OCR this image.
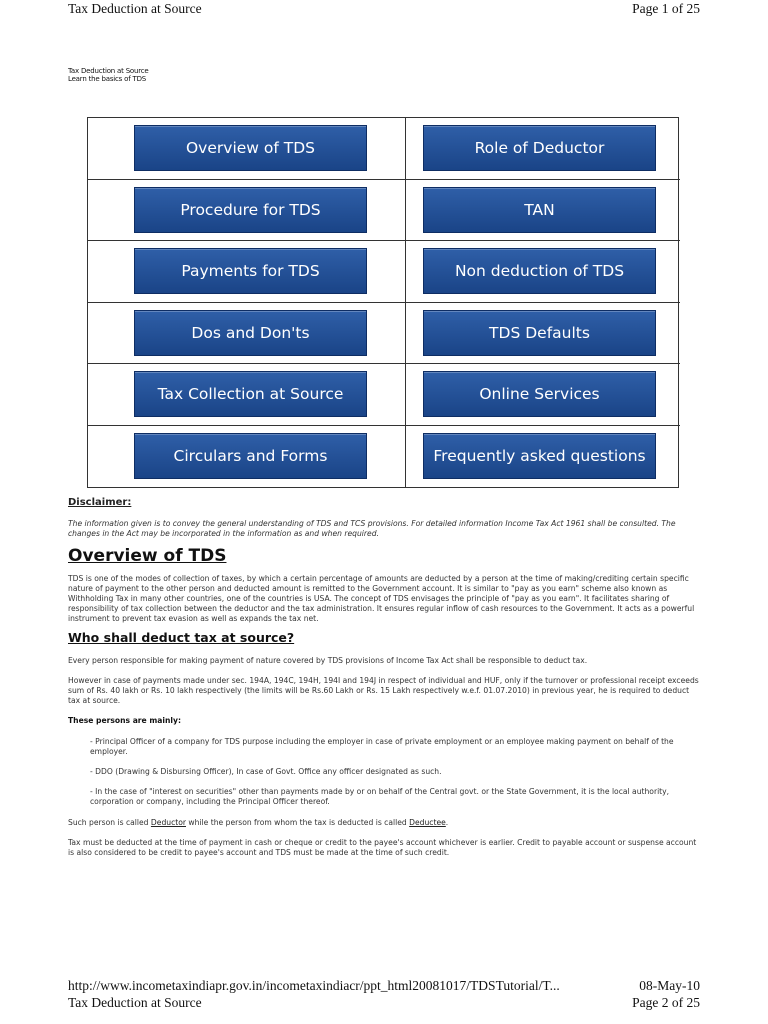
Tax Deduction at Source	Page 1 of 25
Tax Deduction at Source
Learn the basics of TDS
Overview of TDS	Role of Deductor
Procedure for TDS	TAN
Payments for TDS	Non deduction of TDS
Dos and Don'ts	TDS Defaults
Tax Collection at Source	Online Services
Circulars and Forms	Frequently asked questions
Disclaimer:
The information given is to convey the general understanding of TDS and TCS provisions. For detailed information Income Tax Act 1961 shall be consulted. The changes in the Act may be incorporated in the information as and when required.
Overview of TDS
TDS is one of the modes of collection of taxes, by which a certain percentage of amounts are deducted by a person at the time of making/crediting certain specific nature of payment to the other person and deducted amount is remitted to the Government account. It is similar to "pay as you earn" scheme also known as Withholding Tax in many other countries, one of the countries is USA. The concept of TDS envisages the principle of "pay as you earn". It facilitates sharing of responsibility of tax collection between the deductor and the tax administration. It ensures regular inflow of cash resources to the Government. It acts as a powerful instrument to prevent tax evasion as well as expands the tax net.
Who shall deduct tax at source?
Every person responsible for making payment of nature covered by TDS provisions of Income Tax Act shall be responsible to deduct tax.
However in case of payments made under sec. 194A, 194C, 194H, 194I and 194J in respect of individual and HUF, only if the turnover or professional receipt exceeds sum of Rs. 40 lakh or Rs. 10 lakh respectively (the limits will be Rs.60 Lakh or Rs. 15 Lakh respectively w.e.f. 01.07.2010) in previous year, he is required to deduct tax at source.
These persons are mainly:
- Principal Officer of a company for TDS purpose including the employer in case of private employment or an employee making payment on behalf of the employer.
- DDO (Drawing & Disbursing Officer), In case of Govt. Office any officer designated as such.
- In the case of "interest on securities" other than payments made by or on behalf of the Central govt. or the State Government, it is the local authority, corporation or company, including the Principal Officer thereof.
Such person is called Deductor while the person from whom the tax is deducted is called Deductee.
Tax must be deducted at the time of payment in cash or cheque or credit to the payee's account whichever is earlier. Credit to payable account or suspense account is also considered to be credit to payee's account and TDS must be made at the time of such credit.
http://www.incometaxindiapr.gov.in/incometaxindiacr/ppt_html20081017/TDSTutorial/T...	08-May-10
Tax Deduction at Source	Page 2 of 25
